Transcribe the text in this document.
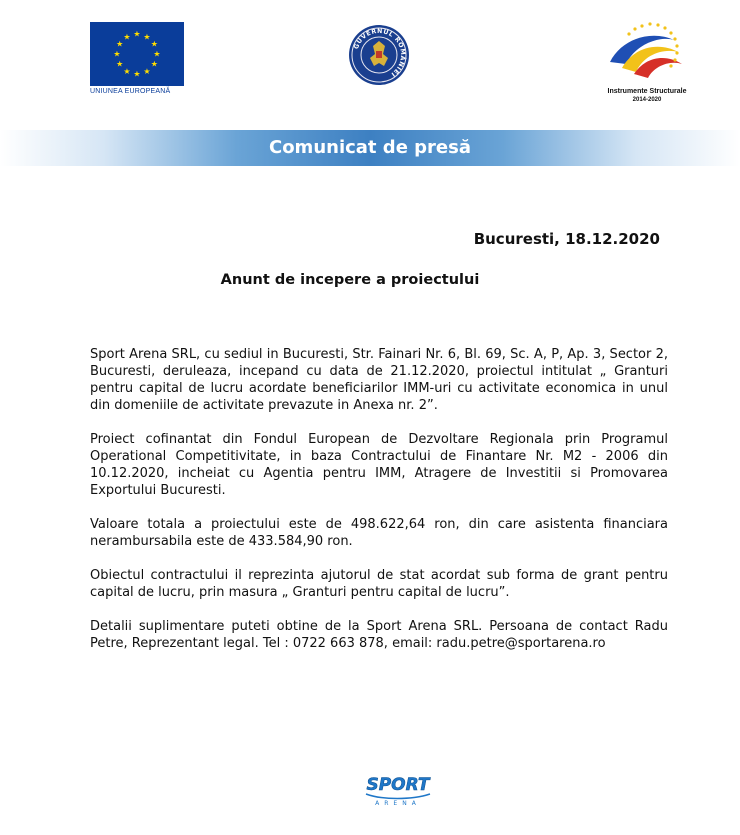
★ ★
★
★
★
★
★
★
★
★
★
★
UNIUNEA EUROPEANĂ
GUVERNUL ROMÂNIEI
Instrumente Structurale
2014-2020
Comunicat de presă
Bucuresti, 18.12.2020
Anunt de incepere a proiectului

Sport Arena SRL, cu sediul in Bucuresti, Str. Fainari Nr. 6, Bl. 69, Sc. A, P, Ap. 3, Sector 2, Bucuresti, deruleaza, incepand cu data de 21.12.2020, proiectul intitulat „ Granturi pentru capital de lucru acordate beneficiarilor IMM-uri cu activitate economica in unul din domeniile de activitate prevazute in Anexa nr. 2”.

Proiect cofinantat din Fondul European de Dezvoltare Regionala prin Programul Operational Competitivitate, in baza Contractului de Finantare Nr. M2 - 2006 din 10.12.2020, incheiat cu Agentia pentru IMM, Atragere de Investitii si Promovarea Exportului Bucuresti.

Valoare totala a proiectului este de 498.622,64 ron, din care asistenta financiara nerambursabila este de 433.584,90 ron.

Obiectul contractului il reprezinta ajutorul de stat acordat sub forma de grant pentru capital de lucru, prin masura „ Granturi pentru capital de lucru”.

Detalii suplimentare puteti obtine de la Sport Arena SRL. Persoana de contact Radu Petre, Reprezentant legal. Tel : 0722 663 878, email: radu.petre@sportarena.ro

SPORT
ARENA
